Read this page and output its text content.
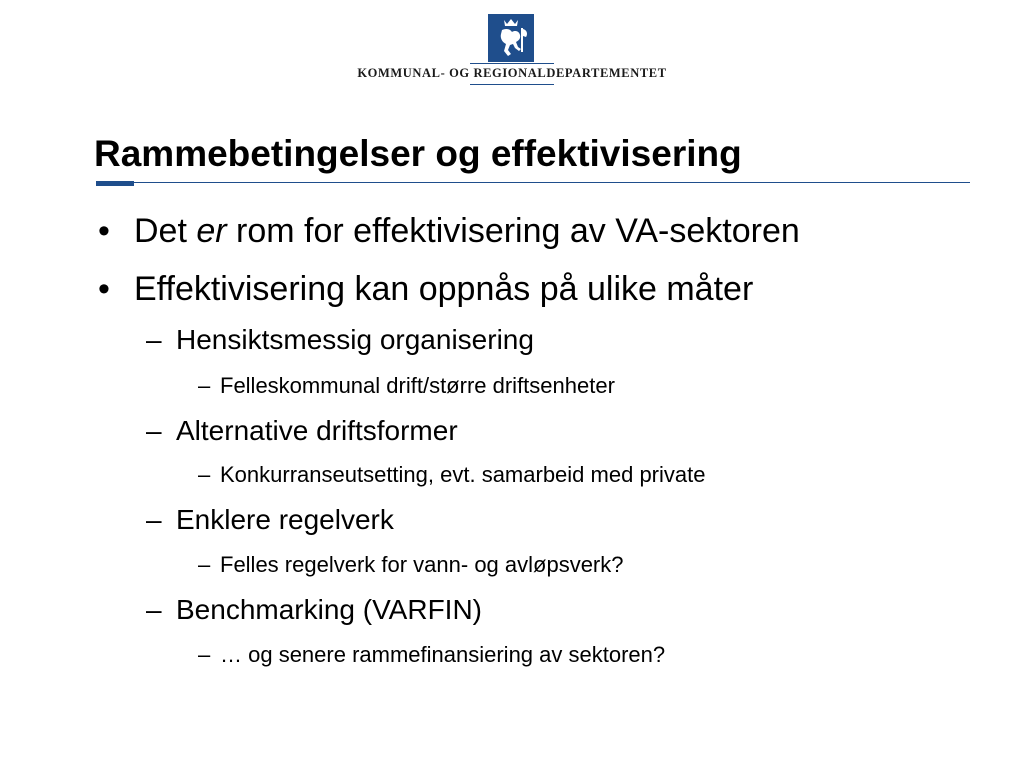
KOMMUNAL- OG REGIONALDEPARTEMENTET
Rammebetingelser og effektivisering
• Det er rom for effektivisering av VA-sektoren
• Effektivisering kan oppnås på ulike måter
– Hensiktsmessig organisering
– Felleskommunal drift/større driftsenheter
– Alternative driftsformer
– Konkurranseutsetting, evt. samarbeid med private
– Enklere regelverk
– Felles regelverk for vann- og avløpsverk?
– Benchmarking (VARFIN)
– … og senere rammefinansiering av sektoren?
